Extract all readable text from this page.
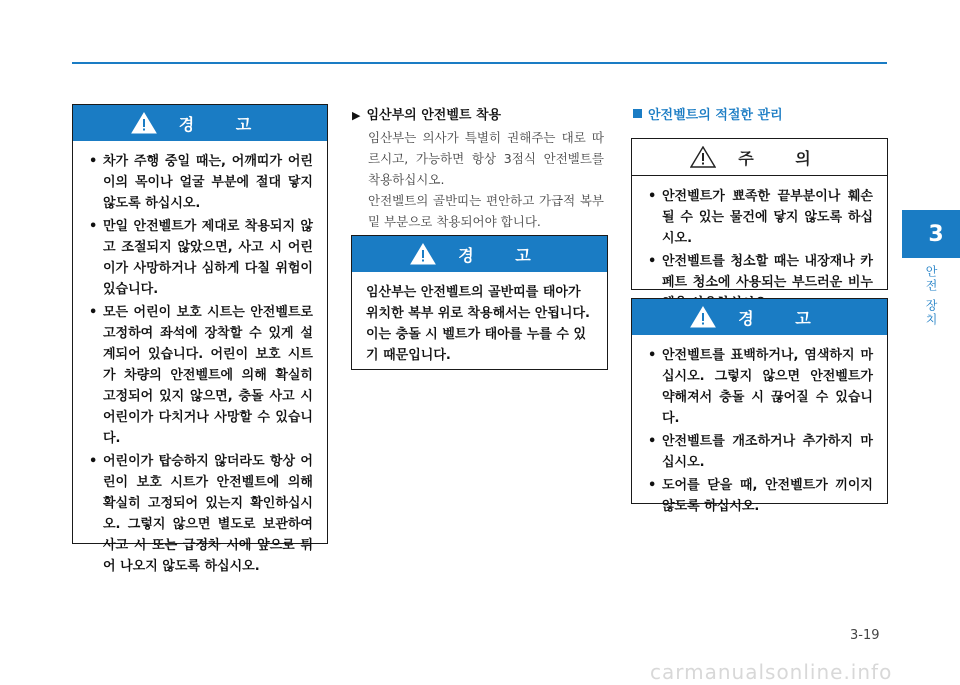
경 고
• 차가 주행 중일 때는, 어깨띠가 어린이의 목이나 얼굴 부분에 절대 닿지 않도록 하십시오.
• 만일 안전벨트가 제대로 착용되지 않고 조절되지 않았으면, 사고 시 어린이가 사망하거나 심하게 다칠 위험이 있습니다.
• 모든 어린이 보호 시트는 안전벨트로 고정하여 좌석에 장착할 수 있게 설계되어 있습니다. 어린이 보호 시트가 차량의 안전벨트에 의해 확실히 고정되어 있지 않으면, 충돌 사고 시 어린이가 다치거나 사망할 수 있습니다.
• 어린이가 탑승하지 않더라도 항상 어린이 보호 시트가 안전벨트에 의해 확실히 고정되어 있는지 확인하십시오. 그렇지 않으면 별도로 보관하여 사고 시 또는 급정차 시에 앞으로 튀어 나오지 않도록 하십시오.
▶ 임산부의 안전벨트 착용
임산부는 의사가 특별히 권해주는 대로 따르시고, 가능하면 항상 3점식 안전벨트를 착용하십시오.
안전벨트의 골반띠는 편안하고 가급적 복부 밑 부분으로 착용되어야 합니다.
경 고

임산부는 안전벨트의 골반띠를 태아가 위치한 복부 위로 착용해서는 안됩니다.

이는 충돌 시 벨트가 태아를 누를 수 있기 때문입니다.

안전벨트의 적절한 관리
주 의
• 안전벨트가 뾰족한 끝부분이나 훼손될 수 있는 물건에 닿지 않도록 하십시오.
• 안전벨트를 청소할 때는 내장재나 카페트 청소에 사용되는 부드러운 비누
경 고
• 안전벨트를 표백하거나, 염색하지 마십시오. 그렇지 않으면 안전벨트가 약해져서 충돌 시 끊어질 수 있습니다.
• 안전벨트를 개조하거나 추가하지 마십시오.
• 도어를 닫을 때, 안전벨트가 끼이지 않도록 하십시오.
3
안전 장치
3-19
carmanualsonline.info
